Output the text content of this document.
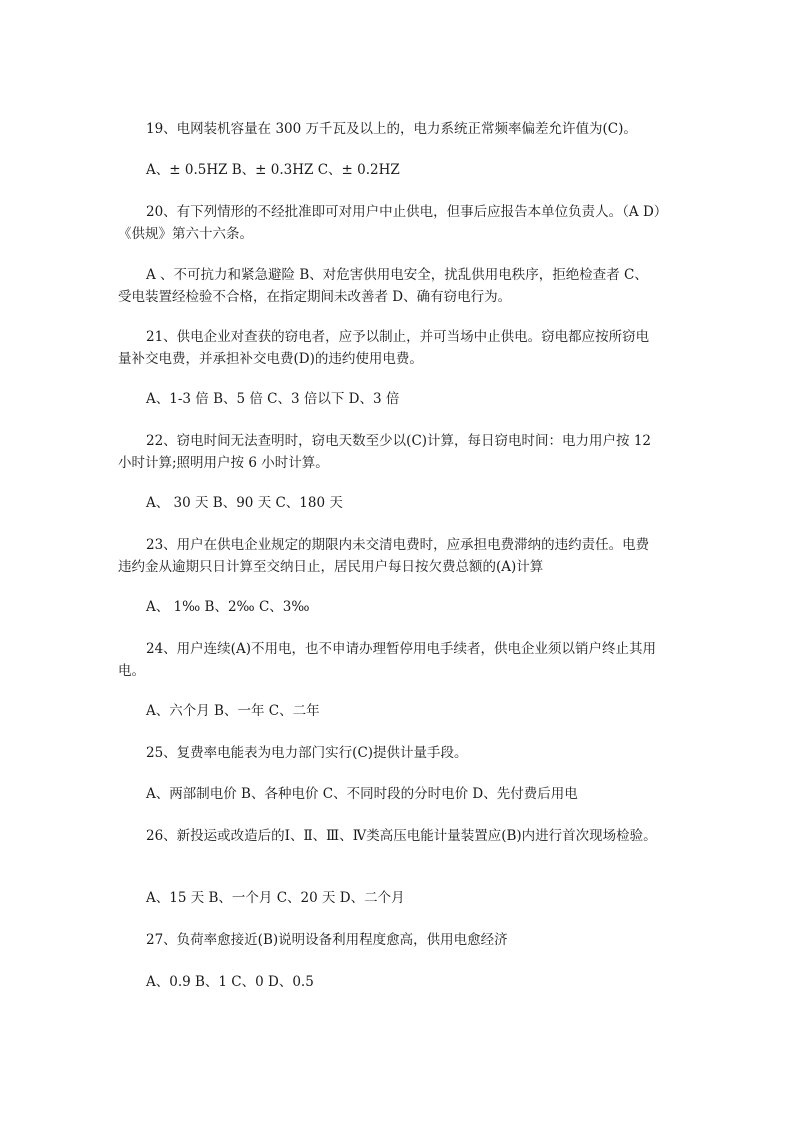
19、电网装机容量在 300 万千瓦及以上的，电力系统正常频率偏差允许值为(C)。

A、± 0.5HZ B、± 0.3HZ C、± 0.2HZ

20、有下列情形的不经批准即可对用户中止供电，但事后应报告本单位负责人。（A D）
《供规》第六十六条。

A 、不可抗力和紧急避险 B、对危害供用电安全，扰乱供用电秩序，拒绝检查者 C、
受电装置经检验不合格，在指定期间未改善者 D、确有窃电行为。

21、供电企业对查获的窃电者，应予以制止，并可当场中止供电。窃电都应按所窃电
量补交电费，并承担补交电费(D)的违约使用电费。

A、1-3 倍 B、5 倍 C、3 倍以下 D、3 倍

22、窃电时间无法查明时，窃电天数至少以(C)计算，每日窃电时间：电力用户按 12
小时计算;照明用户按 6 小时计算。

A、 30 天 B、90 天 C、180 天

23、用户在供电企业规定的期限内未交清电费时，应承担电费滞纳的违约责任。电费
违约金从逾期只日计算至交纳日止，居民用户每日按欠费总额的(A)计算

A、 1‰ B、2‰ C、3‰

24、用户连续(A)不用电，也不申请办理暂停用电手续者，供电企业须以销户终止其用
电。

A、六个月 B、一年 C、二年

25、复费率电能表为电力部门实行(C)提供计量手段。

A、两部制电价 B、各种电价 C、不同时段的分时电价 D、先付费后用电

26、新投运或改造后的Ⅰ、Ⅱ、Ⅲ、Ⅳ类高压电能计量装置应(B)内进行首次现场检验。

A、15 天 B、一个月 C、20 天 D、二个月

27、负荷率愈接近(B)说明设备利用程度愈高，供用电愈经济

A、0.9 B、1 C、0 D、0.5
